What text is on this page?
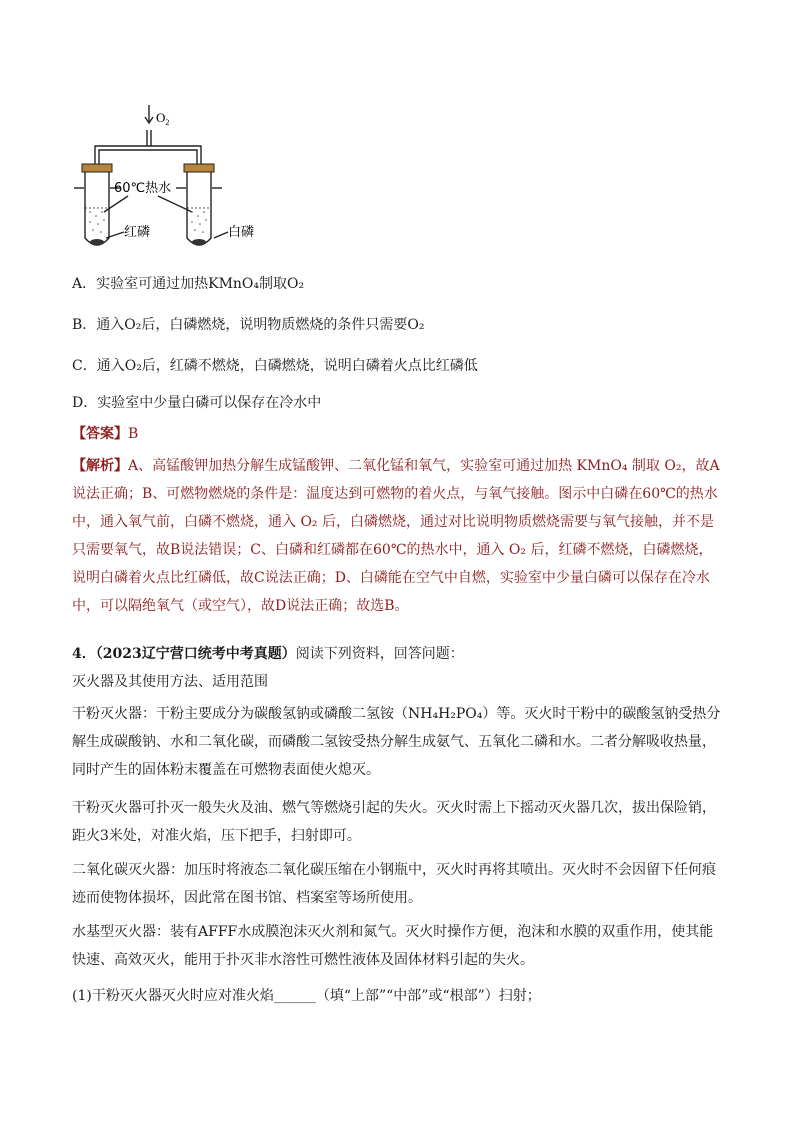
$O_2$
60℃热水
红磷	白磷
A．实验室可通过加热KMnO₄制取O₂
B．通入O₂后，白磷燃烧，说明物质燃烧的条件只需要O₂
C．通入O₂后，红磷不燃烧，白磷燃烧，说明白磷着火点比红磷低
D．实验室中少量白磷可以保存在冷水中
【答案】B
【解析】A、高锰酸钾加热分解生成锰酸钾、二氧化锰和氧气，实验室可通过加热 KMnO₄ 制取 O₂，故A说法正确；B、可燃物燃烧的条件是：温度达到可燃物的着火点，与氧气接触。图示中白磷在60℃的热水中，通入氧气前，白磷不燃烧，通入 O₂ 后，白磷燃烧，通过对比说明物质燃烧需要与氧气接触，并不是只需要氧气，故B说法错误；C、白磷和红磷都在60℃的热水中，通入 O₂ 后，红磷不燃烧，白磷燃烧，说明白磷着火点比红磷低，故C说法正确；D、白磷能在空气中自燃，实验室中少量白磷可以保存在冷水中，可以隔绝氧气（或空气），故D说法正确；故选B。
4．（2023辽宁营口统考中考真题）阅读下列资料，回答问题：
灭火器及其使用方法、适用范围
干粉灭火器：干粉主要成分为碳酸氢钠或磷酸二氢铵（NH₄H₂PO₄）等。灭火时干粉中的碳酸氢钠受热分解生成碳酸钠、水和二氧化碳，而磷酸二氢铵受热分解生成氨气、五氧化二磷和水。二者分解吸收热量，同时产生的固体粉末覆盖在可燃物表面使火熄灭。
干粉灭火器可扑灭一般失火及油、燃气等燃烧引起的失火。灭火时需上下摇动灭火器几次，拔出保险销，距火3米处，对准火焰，压下把手，扫射即可。
二氧化碳灭火器：加压时将液态二氧化碳压缩在小钢瓶中，灭火时再将其喷出。灭火时不会因留下任何痕迹而使物体损坏，因此常在图书馆、档案室等场所使用。
水基型灭火器：装有AFFF水成膜泡沫灭火剂和氮气。灭火时操作方便，泡沫和水膜的双重作用，使其能快速、高效灭火，能用于扑灭非水溶性可燃性液体及固体材料引起的失火。
(1)干粉灭火器灭火时应对准火焰______（填“上部”“中部”或“根部”）扫射；
